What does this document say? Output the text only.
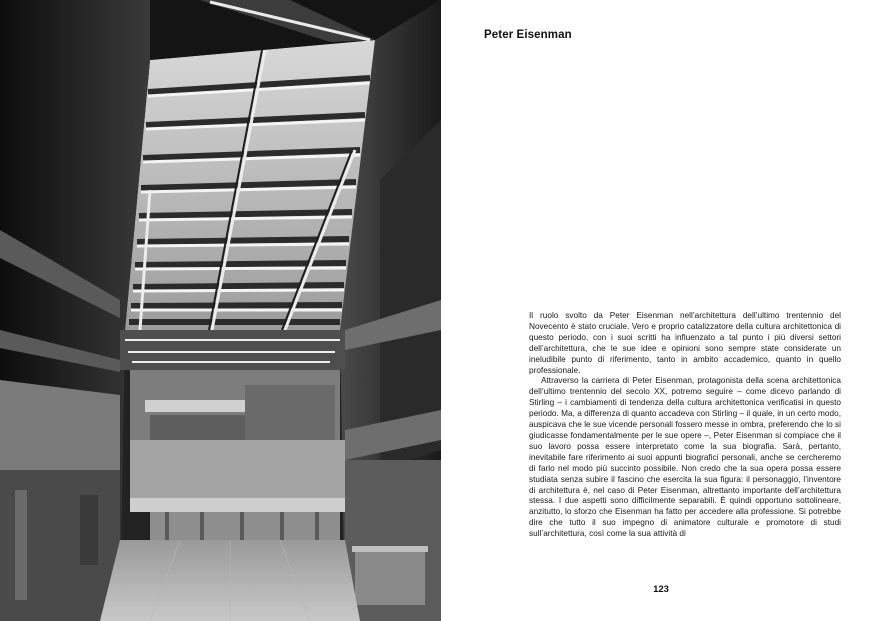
Peter Eisenman

Il ruolo svolto da Peter Eisenman nell’architettura dell’ultimo trentennio del Novecento è stato cruciale. Vero e proprio catalizzatore della cultura architettonica di questo periodo, con i suoi scritti ha influenzato a tal punto i più diversi settori dell’architettura, che le sue idee e opinioni sono sempre state considerate un ineludibile punto di riferimento, tanto in ambito accademico, quanto in quello professionale.

Attraverso la carriera di Peter Eisenman, protagonista della scena architettonica dell’ultimo trentennio del secolo XX, potremo seguire – come dicevo parlando di Stirling – i cambiamenti di tendenza della cultura architettonica verificatisi in questo periodo. Ma, a differenza di quanto accadeva con Stirling – il quale, in un certo modo, auspicava che le sue vicende personali fossero messe in ombra, preferendo che lo si giudicasse fondamentalmente per le sue opere –, Peter Eisenman si compiace che il suo lavoro possa essere interpretato come la sua biografia. Sarà, pertanto, inevitabile fare riferimento ai suoi appunti biografici personali, anche se cercheremo di farlo nel modo più succinto possibile. Non credo che la sua opera possa essere studiata senza subire il fascino che esercita la sua figura: il personaggio, l’inventore di architettura è, nel caso di Peter Eisenman, altrettanto importante dell’architettura stessa. I due aspetti sono difficilmente separabili. È quindi opportuno sottolineare, anzitutto, lo sforzo che Eisenman ha fatto per accedere alla professione. Si potrebbe dire che tutto il suo impegno di animatore culturale e promotore di studi sull’architettura, così come la sua attività di

123
